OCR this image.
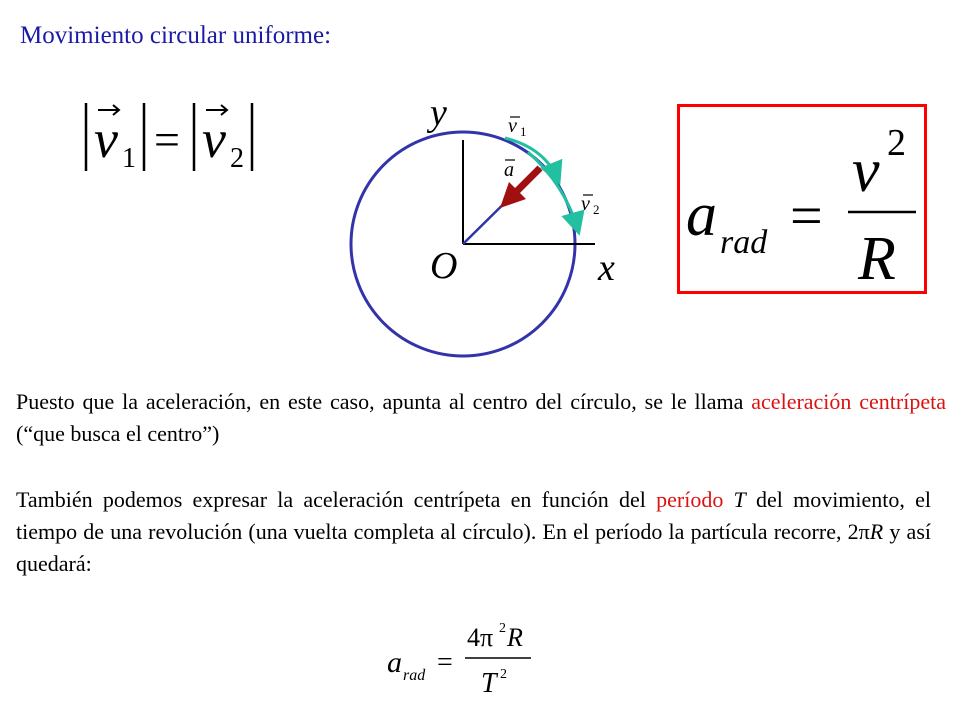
Movimiento circular uniforme:
v 1 = v 2
y
x
O
v 1
a
v 2 a rad =
v 2
R
Puesto que la aceleración, en este caso, apunta al centro del círculo, se le llama aceleración centrípeta (“que busca el centro”)
También podemos expresar la aceleración centrípeta en función del período T del movimiento, el tiempo de una revolución (una vuelta completa al círculo). En el período la partícula recorre, 2πR y así quedará:
a rad =
4π 2 R
T 2
